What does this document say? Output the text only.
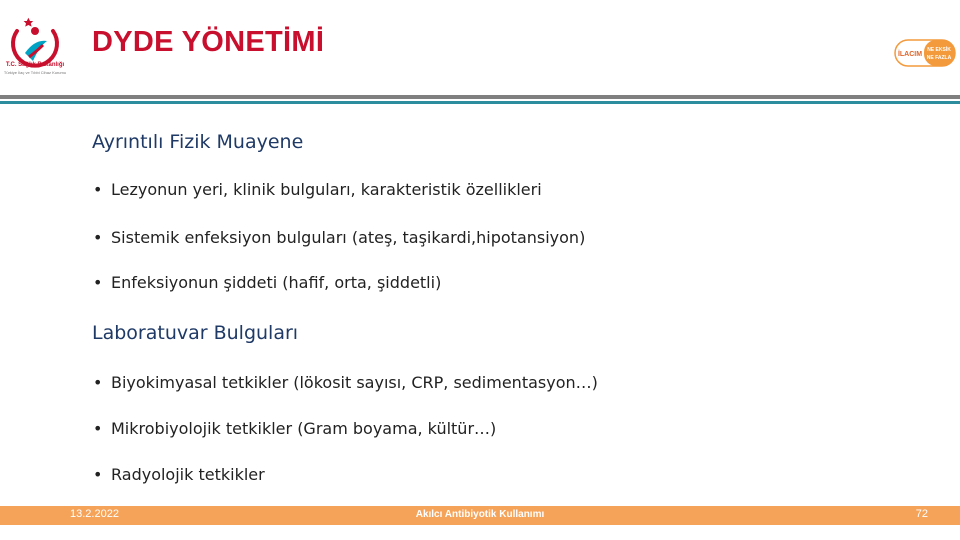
T.C. Sağlık Bakanlığı
Türkiye İlaç ve Tıbbi Cihaz Kurumu
DYDE YÖNETİMİ	İLACIM
NE EKSİK
NE FAZLA
Ayrıntılı Fizik Muayene
• Lezyonun yeri, klinik bulguları, karakteristik özellikleri
• Sistemik enfeksiyon bulguları (ateş, taşikardi,hipotansiyon)
• Enfeksiyonun şiddeti (hafif, orta, şiddetli)
Laboratuvar Bulguları
• Biyokimyasal tetkikler (lökosit sayısı, CRP, sedimentasyon…)
• Mikrobiyolojik tetkikler (Gram boyama, kültür…)
• Radyolojik tetkikler
13.2.2022	Akılcı Antibiyotik Kullanımı	72
